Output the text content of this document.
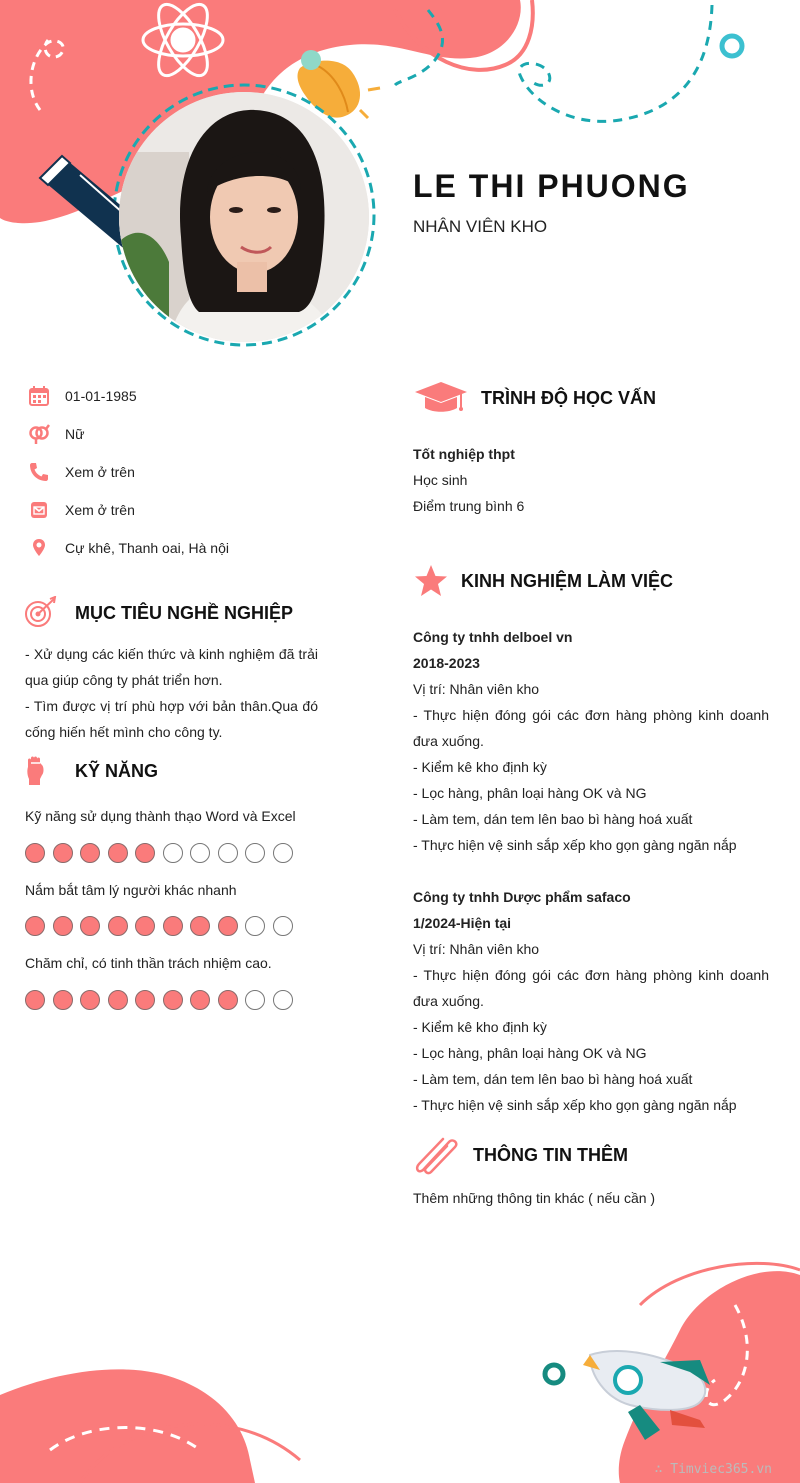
LE THI PHUONG
NHÂN VIÊN KHO
01-01-1985
Nữ
Xem ở trên
Xem ở trên
Cự khê, Thanh oai, Hà nội
MỤC TIÊU NGHỀ NGHIỆP
- Xử dụng các kiến thức và kinh nghiệm đã trải qua giúp công ty phát triển hơn.
- Tìm được vị trí phù hợp với bản thân.Qua đó cống hiến hết mình cho công ty.
KỸ NĂNG
Kỹ năng sử dụng thành thạo Word và Excel
Nắm bắt tâm lý người khác nhanh
Chăm chỉ, có tinh thần trách nhiệm cao.
TRÌNH ĐỘ HỌC VẤN
Tốt nghiệp thpt
Học sinh
Điểm trung bình 6
KINH NGHIỆM LÀM VIỆC
Công ty tnhh delboel vn
2018-2023
Vị trí: Nhân viên kho
- Thực hiện đóng gói các đơn hàng phòng kinh doanh đưa xuống.
- Kiểm kê kho định kỳ
- Lọc hàng, phân loại hàng OK và NG
- Làm tem, dán tem lên bao bì hàng hoá xuất
- Thực hiện vệ sinh sắp xếp kho gọn gàng ngăn nắp
Công ty tnhh Dược phẩm safaco
1/2024-Hiện tại
Vị trí: Nhân viên kho
- Thực hiện đóng gói các đơn hàng phòng kinh doanh đưa xuống.
- Kiểm kê kho định kỳ
- Lọc hàng, phân loại hàng OK và NG
- Làm tem, dán tem lên bao bì hàng hoá xuất
- Thực hiện vệ sinh sắp xếp kho gọn gàng ngăn nắp
THÔNG TIN THÊM
Thêm những thông tin khác ( nếu cần )
∴ Timviec365.vn
